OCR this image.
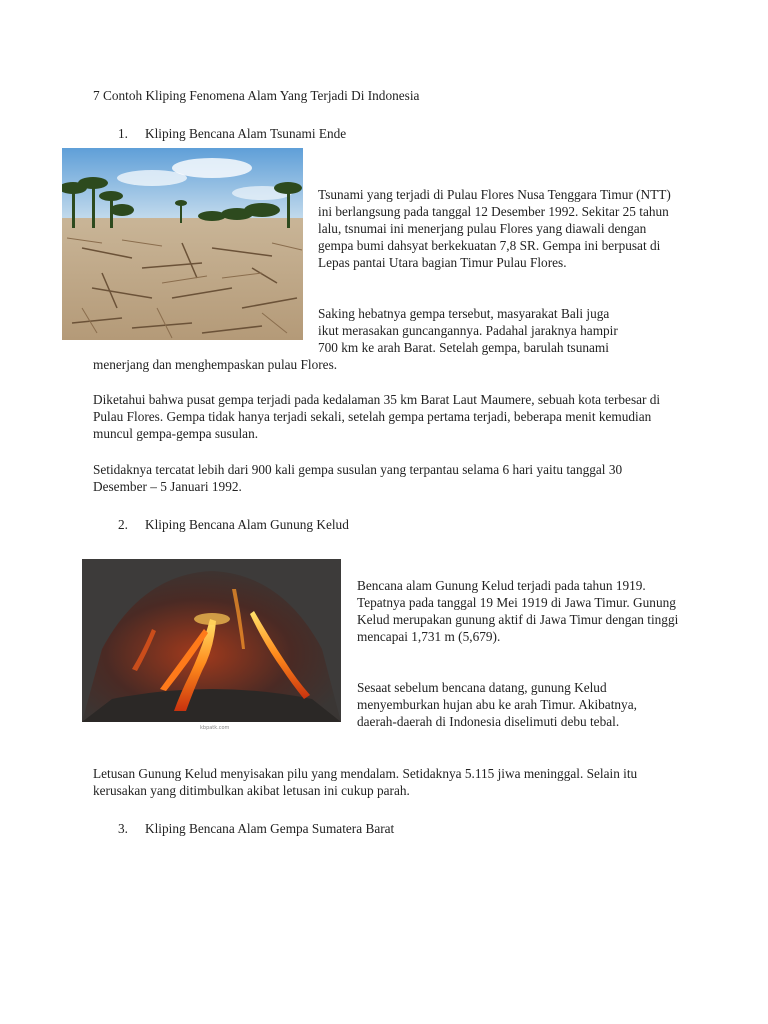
7 Contoh Kliping Fenomena Alam Yang Terjadi Di Indonesia

1. Kliping Bencana Alam Tsunami Ende

Tsunami yang terjadi di Pulau Flores Nusa Tenggara Timur (NTT) ini berlangsung pada tanggal 12 Desember 1992. Sekitar 25 tahun lalu, tsnumai ini menerjang pulau Flores yang diawali dengan gempa bumi dahsyat berkekuatan 7,8 SR. Gempa ini berpusat di Lepas pantai Utara bagian Timur Pulau Flores.

Saking hebatnya gempa tersebut, masyarakat Bali juga
ikut merasakan guncangannya. Padahal jaraknya hampir
700 km ke arah Barat. Setelah gempa, barulah tsunami

menerjang dan menghempaskan pulau Flores.

Diketahui bahwa pusat gempa terjadi pada kedalaman 35 km Barat Laut Maumere, sebuah kota terbesar di Pulau Flores. Gempa tidak hanya terjadi sekali, setelah gempa pertama terjadi, beberapa menit kemudian muncul gempa-gempa susulan.

Setidaknya tercatat lebih dari 900 kali gempa susulan yang terpantau selama 6 hari yaitu tanggal 30 Desember – 5 Januari 1992.

2. Kliping Bencana Alam Gunung Kelud
kbpatk.com

Bencana alam Gunung Kelud terjadi pada tahun 1919. Tepatnya pada tanggal 19 Mei 1919 di Jawa Timur. Gunung Kelud merupakan gunung aktif di Jawa Timur dengan tinggi mencapai 1,731 m (5,679).

Sesaat sebelum bencana datang, gunung Kelud menyemburkan hujan abu ke arah Timur. Akibatnya, daerah-daerah di Indonesia diselimuti debu tebal.

Letusan Gunung Kelud menyisakan pilu yang mendalam. Setidaknya 5.115 jiwa meninggal. Selain itu kerusakan yang ditimbulkan akibat letusan ini cukup parah.

3. Kliping Bencana Alam Gempa Sumatera Barat
